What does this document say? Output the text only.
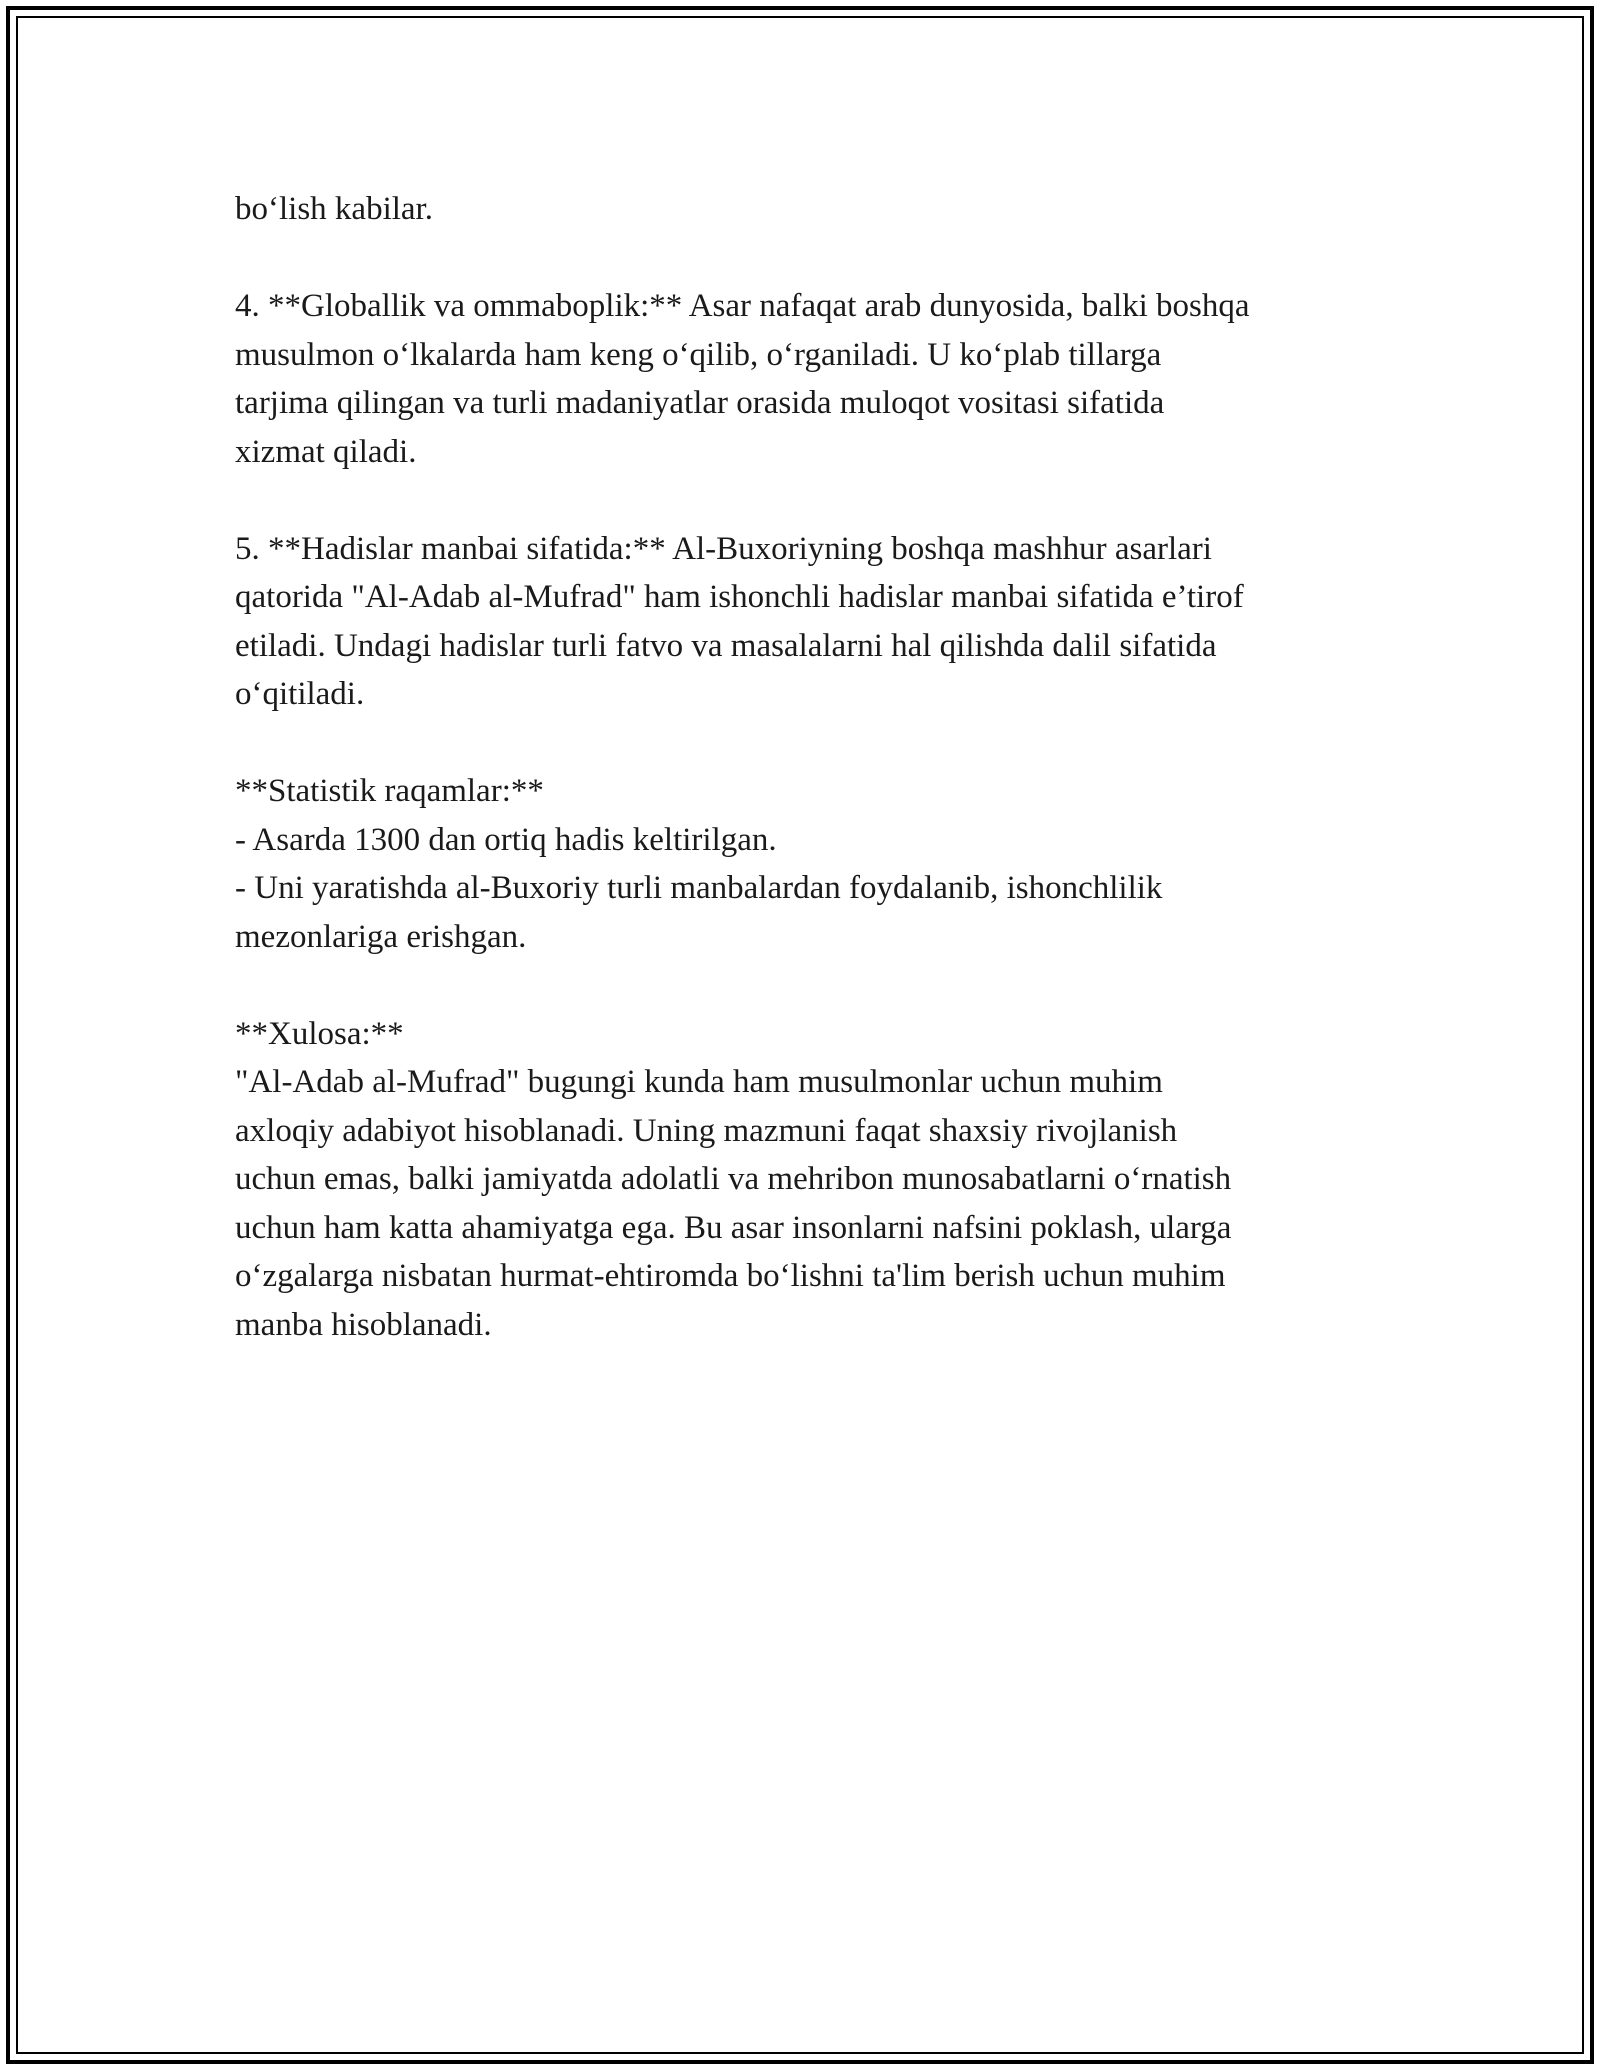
bo‘lish kabilar.
4. **Globallik va ommaboplik:** Asar nafaqat arab dunyosida, balki boshqa
musulmon o‘lkalarda ham keng o‘qilib, o‘rganiladi. U ko‘plab tillarga
tarjima qilingan va turli madaniyatlar orasida muloqot vositasi sifatida
xizmat qiladi.
5. **Hadislar manbai sifatida:** Al-Buxoriyning boshqa mashhur asarlari
qatorida "Al-Adab al-Mufrad" ham ishonchli hadislar manbai sifatida e’tirof
etiladi. Undagi hadislar turli fatvo va masalalarni hal qilishda dalil sifatida
o‘qitiladi.
**Statistik raqamlar:**
- Asarda 1300 dan ortiq hadis keltirilgan.
- Uni yaratishda al-Buxoriy turli manbalardan foydalanib, ishonchlilik
mezonlariga erishgan.
**Xulosa:**
"Al-Adab al-Mufrad" bugungi kunda ham musulmonlar uchun muhim
axloqiy adabiyot hisoblanadi. Uning mazmuni faqat shaxsiy rivojlanish
uchun emas, balki jamiyatda adolatli va mehribon munosabatlarni o‘rnatish
uchun ham katta ahamiyatga ega. Bu asar insonlarni nafsini poklash, ularga
o‘zgalarga nisbatan hurmat-ehtiromda bo‘lishni ta'lim berish uchun muhim
manba hisoblanadi.
